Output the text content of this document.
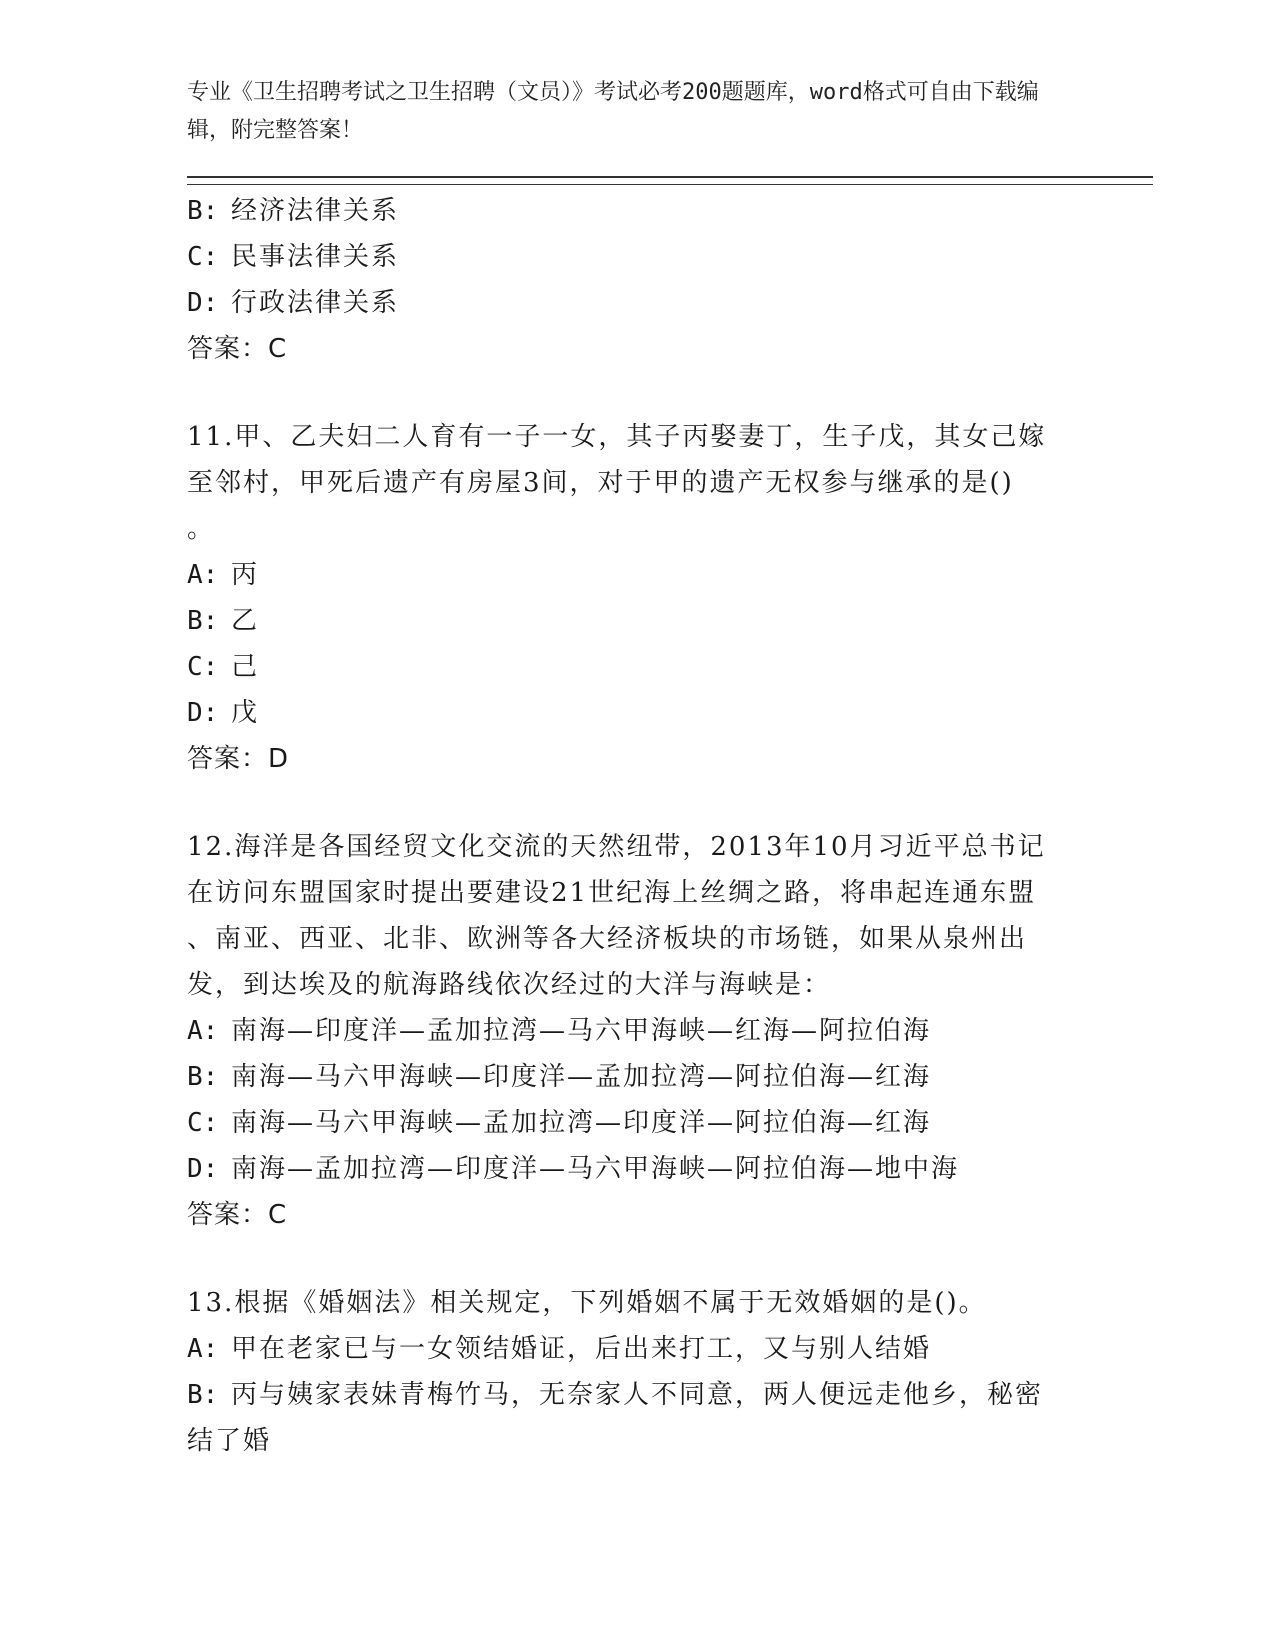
专业《卫生招聘考试之卫生招聘（文员）》考试必考200题题库，word格式可自由下载编辑，附完整答案！
B: 经济法律关系
C: 民事法律关系
D: 行政法律关系
答案：C
11.甲、乙夫妇二人育有一子一女，其子丙娶妻丁，生子戊，其女己嫁
至邻村，甲死后遗产有房屋3间，对于甲的遗产无权参与继承的是()
。
A: 丙
B: 乙
C: 己
D: 戊
答案：D
12.海洋是各国经贸文化交流的天然纽带，2013年10月习近平总书记
在访问东盟国家时提出要建设21世纪海上丝绸之路，将串起连通东盟
、南亚、西亚、北非、欧洲等各大经济板块的市场链，如果从泉州出
发，到达埃及的航海路线依次经过的大洋与海峡是：
A: 南海—印度洋—孟加拉湾—马六甲海峡—红海—阿拉伯海
B: 南海—马六甲海峡—印度洋—孟加拉湾—阿拉伯海—红海
C: 南海—马六甲海峡—孟加拉湾—印度洋—阿拉伯海—红海
D: 南海—孟加拉湾—印度洋—马六甲海峡—阿拉伯海—地中海
答案：C
13.根据《婚姻法》相关规定，下列婚姻不属于无效婚姻的是()。
A: 甲在老家已与一女领结婚证，后出来打工，又与别人结婚
B: 丙与姨家表妹青梅竹马，无奈家人不同意，两人便远走他乡，秘密
结了婚
